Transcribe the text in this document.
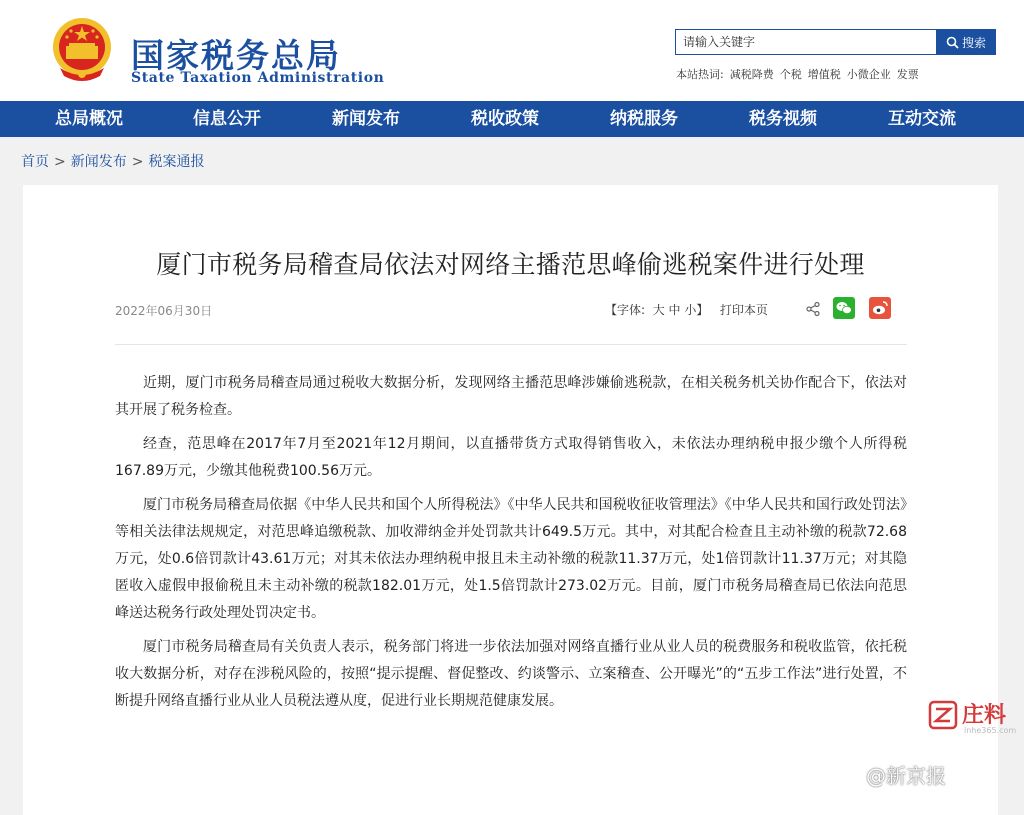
国家税务总局
State Taxation Administration
请输入关键字
搜索
本站热词: 减税降费 个税 增值税 小微企业 发票
总局概况	信息公开	新闻发布	税收政策	纳税服务	税务视频	互动交流
首页 > 新闻发布 > 税案通报
厦门市税务局稽查局依法对网络主播范思峰偷逃税案件进行处理
2022年06月30日	【字体: 大 中 小】 打印本页

近期，厦门市税务局稽查局通过税收大数据分析，发现网络主播范思峰涉嫌偷逃税款，在相关税务机关协作配合下，依法对其开展了税务检查。

经查，范思峰在2017年7月至2021年12月期间，以直播带货方式取得销售收入，未依法办理纳税申报少缴个人所得税167.89万元，少缴其他税费100.56万元。

厦门市税务局稽查局依据《中华人民共和国个人所得税法》《中华人民共和国税收征收管理法》《中华人民共和国行政处罚法》等相关法律法规规定，对范思峰追缴税款、加收滞纳金并处罚款共计649.5万元。其中，对其配合检查且主动补缴的税款72.68万元，处0.6倍罚款计43.61万元；对其未依法办理纳税申报且未主动补缴的税款11.37万元，处1倍罚款计11.37万元；对其隐匿收入虚假申报偷税且未主动补缴的税款182.01万元，处1.5倍罚款计273.02万元。目前，厦门市税务局稽查局已依法向范思峰送达税务行政处理处罚决定书。

厦门市税务局稽查局有关负责人表示，税务部门将进一步依法加强对网络直播行业从业人员的税费服务和税收监管，依托税收大数据分析，对存在涉税风险的，按照“提示提醒、督促整改、约谈警示、立案稽查、公开曝光”的“五步工作法”进行处置，不断提升网络直播行业从业人员税法遵从度，促进行业长期规范健康发展。

庄料
lnhe365.com
@新京报
